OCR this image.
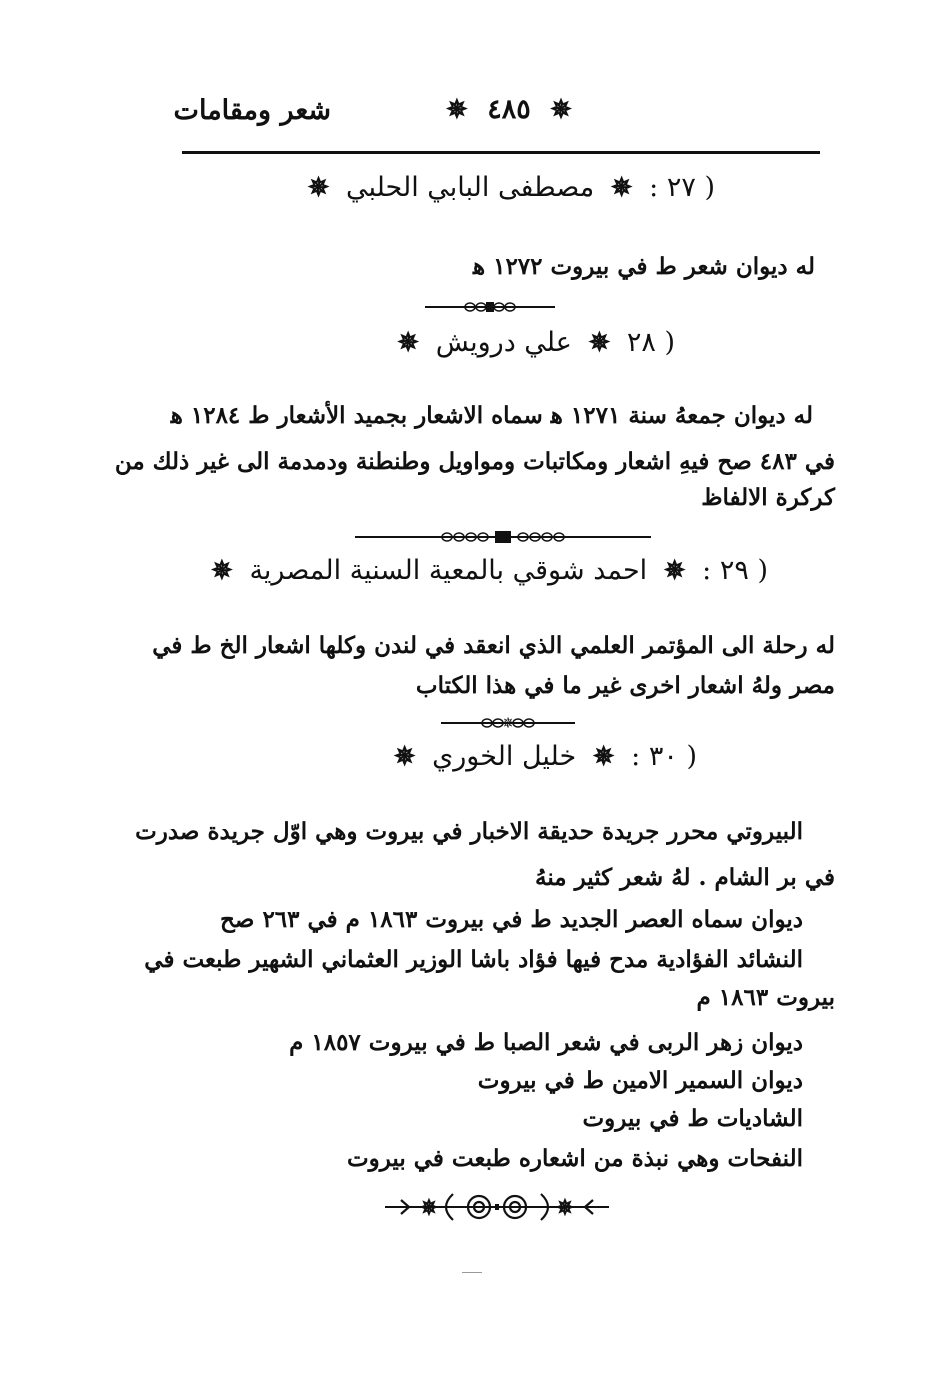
شعر ومقامات	✵ ٤٨٥ ✵
( ٢٧ : ✵ مصطفى البابي الحلبي ✵
له ديوان شعر ط في بيروت ١٢٧٢ ﻫ
( ٢٨ ✵ علي درويش ✵
له ديوان جمعهُ سنة ١٢٧١ ﻫ سماه الاشعار بجميد الأشعار ط ١٢٨٤ ﻫ
في ٤٨٣ صح فيهِ اشعار ومكاتبات ومواويل وطنطنة ودمدمة الى غير ذلك من
كركرة الالفاظ
( ٢٩ : ✵ احمد شوقي بالمعية السنية المصرية ✵
له رحلة الى المؤتمر العلمي الذي انعقد في لندن وكلها اشعار الخ ط في
مصر ولهُ اشعار اخرى غير ما في هذا الكتاب
✵
( ٣٠ : ✵ خليل الخوري ✵
البيروتي محرر جريدة حديقة الاخبار في بيروت وهي اوّل جريدة صدرت
في بر الشام . لهُ شعر كثير منهُ
ديوان سماه العصر الجديد ط في بيروت ١٨٦٣ م في ٢٦٣ صح
النشائد الفؤادية مدح فيها فؤاد باشا الوزير العثماني الشهير طبعت في
بيروت ١٨٦٣ م
ديوان زهر الربى في شعر الصبا ط في بيروت ١٨٥٧ م
ديوان السمير الامين ط في بيروت
الشاديات ط في بيروت
النفحات وهي نبذة من اشعاره طبعت في بيروت
✵	✵
